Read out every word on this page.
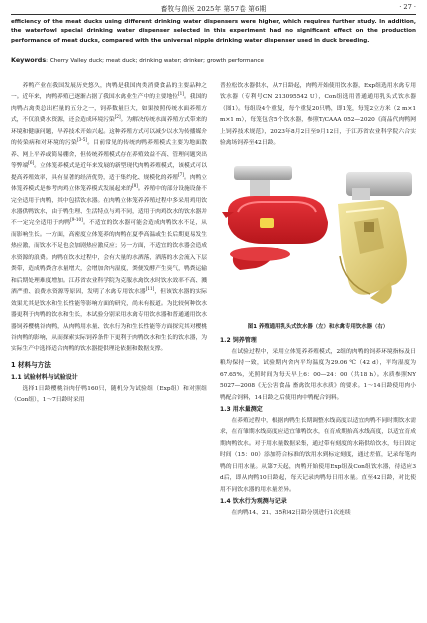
畜牧与兽医 2025年 第57卷 第6期	· 27 ·
efficiency of the meat ducks using different drinking water dispensers were higher, which requires further study. In addition, the waterfowl special drinking water dispenser selected in this experiment had no significant effect on the production performance of meat ducks, compared with the universal nipple drinking water dispenser used in duck breeding.
Keywords: Cherry Valley duck; meat duck; drinking water; drinker; growth performance

养鸭产业在我国发展历史悠久，肉鸭是我国肉类消费食品的主要品种之一。近年来，肉鸭养殖已逐渐占据了我国水禽业生产中的主要地位[1]。我国的肉鸭占禽类总出栏量的五分之一，饲养数量巨大，如果按照传统水面养殖方式，不仅浪费水资源，还会造成环境污染[2]。为解决传统水面养殖方式带来的环境和健康问题，旱养技术开始兴起。这种养殖方式可以减少以水为传播媒介的传染病和对环境的污染[3-5]。目前常见的传统肉鸭养殖模式主要为地面散养、网上平养或简易棚舍，但传统养殖模式存在养殖效益不高、管理问题突出等弊端[6]。立体笼养模式是近年来发展的新型现代肉鸭养殖模式，该模式可以提高养殖效率，具有显著的经济优势，适于集约化、规模化的养殖[7]。肉鸭立体笼养模式是参考肉鸡立体笼养模式发展起来的[8]。养殖中的部分设施设备不完全适用于肉鸭，其中包括饮水器。在肉鸭立体笼养养殖过程中多采用鸡用饮水器供鸭饮水，由于鸭生理、生活特点与鸡不同，适用于肉鸡饮水的饮水器并不一定完全适用于肉鸭[9-10]。不适宜的饮水器可能会造成肉鸭饮水不足，从而影响生长。一方面，高密度立体笼养的肉鸭在夏季高温或生长后期更易发生热应激，而饮水不足也会加剧热应激反应；另一方面，不适宜的饮水器会造成水资源的浪费。肉鸭在饮水过程中，会有大量的水洒落，洒落的水会流入下层粪带，造成鸭粪含水量增大，会增加舍内湿度，粪便发酵产生臭气，鸭粪运输和后期处理难度增加。江苏省农业科学院为克服水禽饮水时饮水效率不高、溅洒严重、浪费水资源等原因，发明了水禽专用饮水器[11]，但该饮水器的实际效果尤其是饮水和生长性能等影响方面的研究，尚未有报道。为比较何种饮水器更利于肉鸭的饮水和生长，本试验分别采用水禽专用饮水器和普通通用饮水器饲养樱桃谷肉鸭，从肉鸭用水量、饮水行为和生长性能等方面探究其对樱桃谷肉鸭的影响，从而探索实际饲养条件下更利于肉鸭饮水和生长的饮水器，为实际生产中选择适合肉鸭的饮水器提供理论依据和数据支撑。

1 材料与方法
1.1 试验材料与试验设计

选择1日龄樱桃谷肉仔鸭160只，随机分为试验组（Exp组）和对照组（Con组），1～7日龄时采用

普拉松饮水器供水，从7日龄起，肉鸭开始使用饮水器，Exp组选用水禽专用饮水器（专利号CN 213095542 U），Con组选用普通通用乳头式饮水器（图1）。每组设4个重复，每个重复20只鸭，即1笼，每笼2立方米（2 m×1 m×1 m），每笼包含5个饮水器，参照T/CAAA 052—2020《商品代肉鸭网上饲养技术规范》，2023年8月2日至9月12日，于江苏省农业科学院六合实验禽场饲养至42日龄。

图1 养殖通用乳头式饮水器（左）和水禽专用饮水器（右）
1.2 饲养管理

在试验过程中，采用立体笼养养殖模式，2组的肉鸭的饲养环境指标及日粮均保持一致，试验期内舍内平均温度为29.06 ℃（42 d），平均湿度为67.65%，光照时间为每天早上6：00—24：00（共18 h）。水质参照NY 5027—2008《无公害食品 畜禽饮用水水质》的要求。1～14日龄使用肉小鸭配合饲料，14日龄之后使用肉中鸭配合饲料。

1.3 用水量测定

在养殖过程中，根据肉鸭生长期调整水线高度以适宜肉鸭不同时期饮水需求，在育雏期水线高度应适宜雏鸭饮水，在育成期抬高水线高度，以适宜育成期肉鸭饮水。对于用水量数据采集，通过带有刻度的水箱供给饮水，每日固定时间（15：00）添加符合标准的饮用水到标定刻度，通过差值，记录每笔肉鸭的日用水量。从第7天起，肉鸭开始使用Exp组及Con组饮水器，待适应3 d后，即从肉鸭10日龄起，每天记录肉鸭每日用水量。直至42日龄，对比使用不同饮水器的用水量差异。

1.4 饮水行为观测与记录

在肉鸭14、21、35和42日龄分别进行1次连续
